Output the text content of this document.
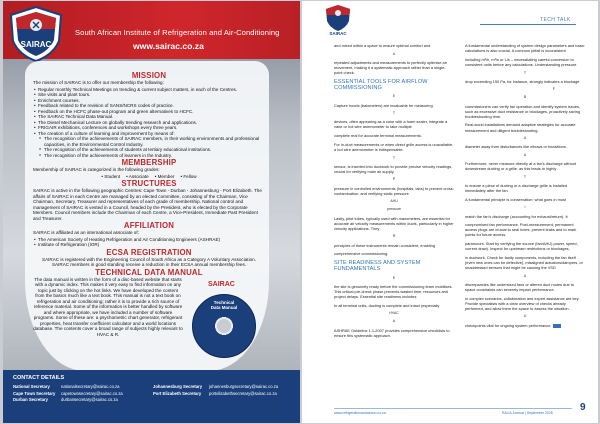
SAIRAC
South African Institute of Refrigeration and Air-Conditioning
www.sairac.co.za
MISSION

The mission of SAIRAC is to offer our membership the following:

• Regular monthly Technical Meetings on trending & current subject matters, in each of the Centres.
• Site visits and plant tours.
• Enrichment courses.
• Feedback related to the revision of SANS/NCRS codes of practice.
• Feedback on the HCFC phase-out program and green alternatives to HCFC.
• The SAIRAC Technical Data Manual.
• The Diesel Mechanical Lecture on globally trending research and applications.
• FRIGAIR exhibitions, conferences and workshops every three years.
• The creation of a culture of learning and improvement by means of:
o The recognition of the achievements of SAIRAC members, in their working environments and professional capacities, in the Environmental Control Industry.
o The recognition of the achievements of students at tertiary educational institutions.
o The recognition of the achievements of learners in the Industry.
MEMBERSHIP

Membership of SAIRAC is categorized in the following grades:

• Student	• Associate	• Member	• Fellow
STRUCTURES

SAIRAC is active in the following geographic Centres: Cape Town - Durban - Johannesburg - Port Elizabeth. The affairs of SAIRAC in each Centre are managed by an elected committee, consisting of the Chairman, Vice Chairman, Secretary, Treasurer and representatives of each grade of membership. National control and management of SAIRAC is vested in a Council, headed by the President, who is elected by the Corporate Members. Council members include the Chairman of each Centre, a Vice-President, Immediate Past President and Treasurer.

AFFILIATION

SAIRAC is affiliated as an international associate of:

• The American Society of Heating Refrigeration and Air Conditioning Engineers (ASHRAE)
• Institute of Refrigeration (IOR)
ECSA REGISTRATION

SAIRAC is registered with the Engineering Council of South Africa as a Category A Voluntary Association. SAIRAC members in good standing receive a reduction in their ECSA annual membership fees.

TECHNICAL DATA MANUAL

The data manual is written in the form of a disc-based website that starts with a dynamic index. This makes it very easy to find information on any topic just by clicking on the hot links. We have developed the content from the basics much like a text book. This manual is not a text book on refrigeration and air conditioning; rather it is to provide a rich source of reference material. Some of the information is better handled by software and where appropriate, we have included a number of software programs. Some of these are: a psychometric chart generator, refrigerant properties, heat transfer coefficient calculator and a world locations database. The contents cover a broad range of subjects highly relevant to HVAC & R.

SAIRAC
Technical
Data Manual
CONTACT DETAILS
National Secretary	nationalsecretary@sairac.co.za	Johannesburg Secretary	johannesburgsecretary@sairac.co.za
Cape Town Secretary	capetownsecretary@sairac.co.za	Port Elizabeth Secretary	portelizabethsecretary@sairac.co.za
Durban Secretary	durbansecretary@sairac.co.za
SAIRAC
TECH TALK

and mixed within a space to ensure optimal comfort and

A

repeated adjustments and measurements to perfectly optimise air movement, making it a systematic approach rather than a single-point check.

ESSENTIAL TOOLS FOR AIRFLOW COMMISSIONING
E

Capture hoods (balometers) are invaluable for measuring

T

devices, often appearing as a cone with a foam sealer, integrate a vane or hot wire anemometer to take multiple

complete real for accurate terminal measurements.

For in-duct measurements or when direct grille access is unavailable, a hot wire anemometer is indispensable.

T

sensor, is inserted into ductwork to provide precise velocity readings, crucial for verifying main air supply.

P

pressure in controlled environments (hospitals, labs) to prevent cross-contamination, and verifying static pressure

AHU
pressure

Lastly, pitot tubes, typically used with manometers, are essential for accurate air velocity measurements within ducts, particularly in higher velocity applications. They

R

principles of these instruments remain consistent, enabling

comprehensive commissioning.

SITE READINESS AND SYSTEM FUNDAMENTALS
E

the site is genuinely ready before the commissioning team mobilises. This critical pre-check phase prevents wasted time, resources and project delays. Essential site readiness includes

to all terminal units, ducting is complete and intact (especially

HVAC
A

ASHRAE Guideline 1.1-2007 provides comprehensive checklists to ensure this systematic approach.

A fundamental understanding of system design parameters and basic calculations is also crucial. A common pitfall is inconsistent

including m³/h, m³/s or L/s – necessitating careful conversion to consistent units before any calculations. Understanding pressure

T

drop exceeding 150 Pa, for instance, strongly indicates a blockage

F
B

commissioners can verify fan operation and identify system issues, such as excessive duct resistance or blockages, proactively saving troubleshooting time.

Real-world installations demand adaptive strategies for accurate measurement and diligent troubleshooting.

A

diameter away from disturbances like elbows or transitions.

A

Furthermore, never measure directly at a fan's discharge without downstream ducting or a grille, as this leads to highly

T

to ensure a piece of ducting or a discharge grille is installed immediately after the fan.

A fundamental principle is conservation: what goes in must

I

match the fan's discharge (accounting for exhaust/return). It

compromised fan performance. Post-measurement, permanent access plugs are crucial to seal holes, prevent leaks and to mark points for future access.

paramount. Start by verifying the source (fan/AHU) power, speed, current draw). Inspect for upstream restrictions or blockages,

in ductwork. Check for faulty components, including the fan itself (even new ones can be defective), misaligned actuators/dampers, or unaddressed sensors that might be causing the VSD

A

discrepancies like undersized fans or altered duct routes due to space constraints can severely impact performance.

In complex scenarios, collaboration and expert assistance are key. Provide specialists with a clear overview of checks already performed, and allow them the space to assess the situation.

U

checkpoints vital for ongoing system performance.

www.refrigerationandaircon.co.za	RACA Journal | September 2025	9
